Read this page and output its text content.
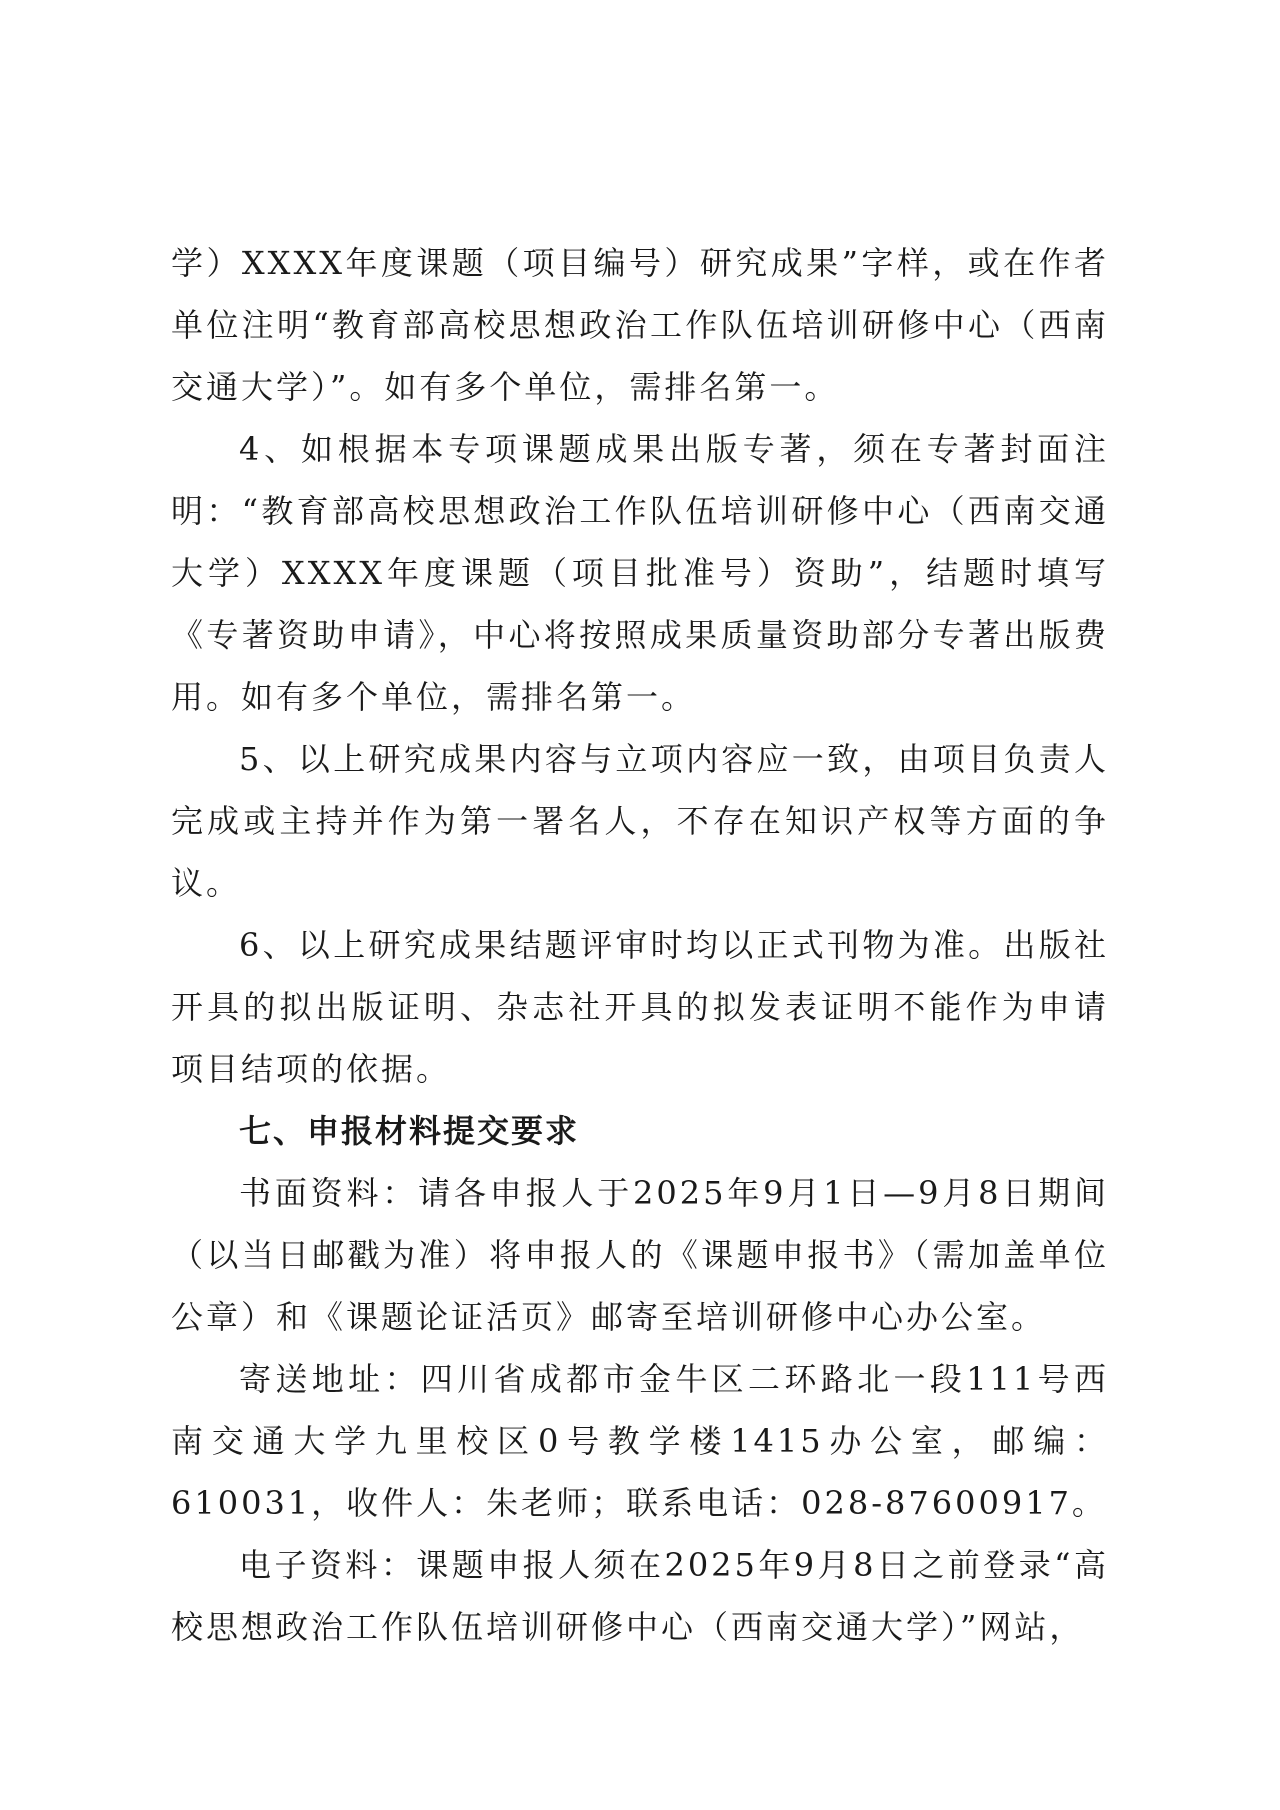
学）XXXX年度课题（项目编号）研究成果”字样，或在作者单位注明“教育部高校思想政治工作队伍培训研修中心（西南交通大学）”。如有多个单位，需排名第一。

4、如根据本专项课题成果出版专著，须在专著封面注明：“教育部高校思想政治工作队伍培训研修中心（西南交通大学）XXXX年度课题（项目批准号）资助”，结题时填写《专著资助申请》，中心将按照成果质量资助部分专著出版费用。如有多个单位，需排名第一。

5、以上研究成果内容与立项内容应一致，由项目负责人完成或主持并作为第一署名人，不存在知识产权等方面的争议。

6、以上研究成果结题评审时均以正式刊物为准。出版社开具的拟出版证明、杂志社开具的拟发表证明不能作为申请项目结项的依据。

七、申报材料提交要求

书面资料：请各申报人于2025年9月1日—9月8日期间（以当日邮戳为准）将申报人的《课题申报书》（需加盖单位公章）和《课题论证活页》邮寄至培训研修中心办公室。

寄送地址：四川省成都市金牛区二环路北一段111号西南交通大学九里校区0号教学楼1415办公室，邮编：610031，收件人：朱老师；联系电话：028-87600917。

电子资料：课题申报人须在2025年9月8日之前登录“高校思想政治工作队伍培训研修中心（西南交通大学）”网站，
